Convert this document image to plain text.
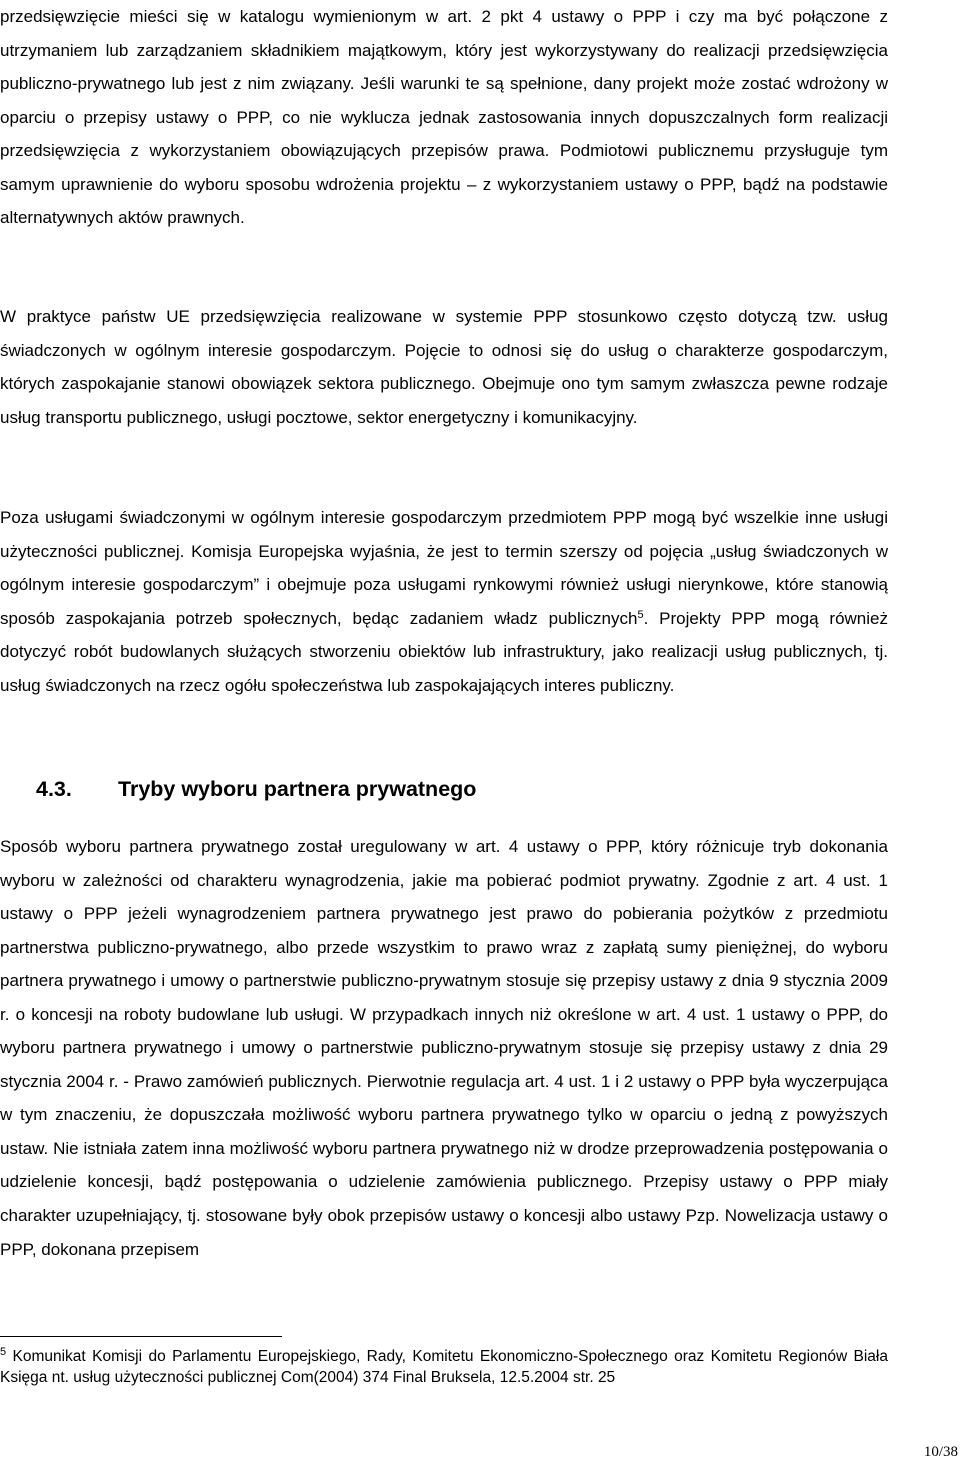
przedsięwzięcie mieści się w katalogu wymienionym w art. 2 pkt 4 ustawy o PPP i czy ma być połączone z utrzymaniem lub zarządzaniem składnikiem majątkowym, który jest wykorzystywany do realizacji przedsięwzięcia publiczno-prywatnego lub jest z nim związany. Jeśli warunki te są spełnione, dany projekt może zostać wdrożony w oparciu o przepisy ustawy o PPP, co nie wyklucza jednak zastosowania innych dopuszczalnych form realizacji przedsięwzięcia z wykorzystaniem obowiązujących przepisów prawa. Podmiotowi publicznemu przysługuje tym samym uprawnienie do wyboru sposobu wdrożenia projektu – z wykorzystaniem ustawy o PPP, bądź na podstawie alternatywnych aktów prawnych.

W praktyce państw UE przedsięwzięcia realizowane w systemie PPP stosunkowo często dotyczą tzw. usług świadczonych w ogólnym interesie gospodarczym. Pojęcie to odnosi się do usług o charakterze gospodarczym, których zaspokajanie stanowi obowiązek sektora publicznego. Obejmuje ono tym samym zwłaszcza pewne rodzaje usług transportu publicznego, usługi pocztowe, sektor energetyczny i komunikacyjny.

Poza usługami świadczonymi w ogólnym interesie gospodarczym przedmiotem PPP mogą być wszelkie inne usługi użyteczności publicznej. Komisja Europejska wyjaśnia, że jest to termin szerszy od pojęcia „usług świadczonych w ogólnym interesie gospodarczym” i obejmuje poza usługami rynkowymi również usługi nierynkowe, które stanowią sposób zaspokajania potrzeb społecznych, będąc zadaniem władz publicznych$^5$. Projekty PPP mogą również dotyczyć robót budowlanych służących stworzeniu obiektów lub infrastruktury, jako realizacji usług publicznych, tj. usług świadczonych na rzecz ogółu społeczeństwa lub zaspokajających interes publiczny.

4.3. Tryby wyboru partnera prywatnego

Sposób wyboru partnera prywatnego został uregulowany w art. 4 ustawy o PPP, który różnicuje tryb dokonania wyboru w zależności od charakteru wynagrodzenia, jakie ma pobierać podmiot prywatny. Zgodnie z art. 4 ust. 1 ustawy o PPP jeżeli wynagrodzeniem partnera prywatnego jest prawo do pobierania pożytków z przedmiotu partnerstwa publiczno-prywatnego, albo przede wszystkim to prawo wraz z zapłatą sumy pieniężnej, do wyboru partnera prywatnego i umowy o partnerstwie publiczno-prywatnym stosuje się przepisy ustawy z dnia 9 stycznia 2009 r. o koncesji na roboty budowlane lub usługi. W przypadkach innych niż określone w art. 4 ust. 1 ustawy o PPP, do wyboru partnera prywatnego i umowy o partnerstwie publiczno-prywatnym stosuje się przepisy ustawy z dnia 29 stycznia 2004 r. - Prawo zamówień publicznych. Pierwotnie regulacja art. 4 ust. 1 i 2 ustawy o PPP była wyczerpująca w tym znaczeniu, że dopuszczała możliwość wyboru partnera prywatnego tylko w oparciu o jedną z powyższych ustaw. Nie istniała zatem inna możliwość wyboru partnera prywatnego niż w drodze przeprowadzenia postępowania o udzielenie koncesji, bądź postępowania o udzielenie zamówienia publicznego. Przepisy ustawy o PPP miały charakter uzupełniający, tj. stosowane były obok przepisów ustawy o koncesji albo ustawy Pzp. Nowelizacja ustawy o PPP, dokonana przepisem

$^5$ Komunikat Komisji do Parlamentu Europejskiego, Rady, Komitetu Ekonomiczno-Społecznego oraz Komitetu Regionów Biała Księga nt. usług użyteczności publicznej Com(2004) 374 Final Bruksela, 12.5.2004 str. 25

10/38
